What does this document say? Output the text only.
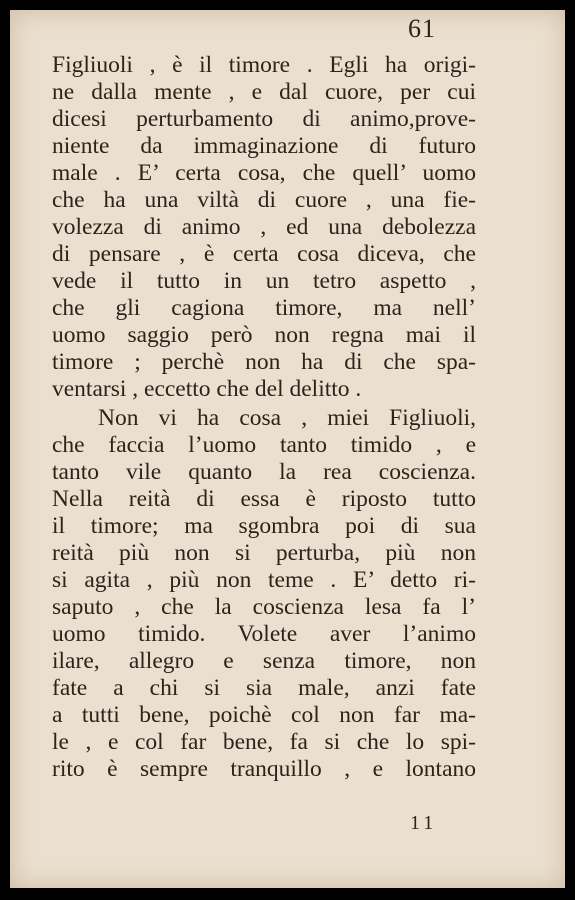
61
Figliuoli , è il timore . Egli ha origi-
ne dalla mente , e dal cuore, per cui
dicesi perturbamento di animo,prove-
niente da immaginazione di futuro
male . E’ certa cosa, che quell’ uomo
che ha una viltà di cuore , una fie-
volezza di animo , ed una debolezza
di pensare , è certa cosa diceva, che
vede il tutto in un tetro aspetto ,
che gli cagiona timore, ma nell’
uomo saggio però non regna mai il
timore ; perchè non ha di che spa-
ventarsi , eccetto che del delitto .
Non vi ha cosa , miei Figliuoli,
che faccia l’uomo tanto timido , e
tanto vile quanto la rea coscienza.
Nella reità di essa è riposto tutto
il timore; ma sgombra poi di sua
reità più non si perturba, più non
si agita , più non teme . E’ detto ri-
saputo , che la coscienza lesa fa l’
uomo timido. Volete aver l’animo
ilare, allegro e senza timore, non
fate a chi si sia male, anzi fate
a tutti bene, poichè col non far ma-
le , e col far bene, fa si che lo spi-
rito è sempre tranquillo , e lontano
11
